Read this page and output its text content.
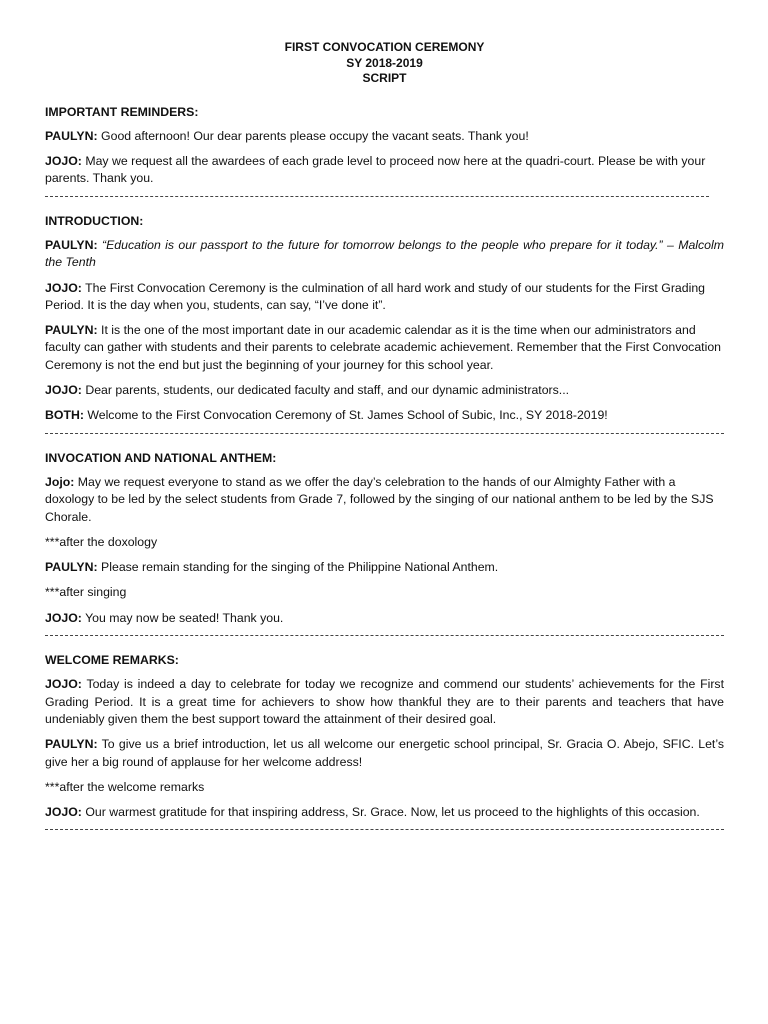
FIRST CONVOCATION CEREMONY
SY 2018-2019
SCRIPT
IMPORTANT REMINDERS:

PAULYN: Good afternoon! Our dear parents please occupy the vacant seats. Thank you!

JOJO: May we request all the awardees of each grade level to proceed now here at the quadri-court. Please be with your parents. Thank you.

INTRODUCTION:

PAULYN: “Education is our passport to the future for tomorrow belongs to the people who prepare for it today.” – Malcolm the Tenth

JOJO: The First Convocation Ceremony is the culmination of all hard work and study of our students for the First Grading Period. It is the day when you, students, can say, “I’ve done it”.

PAULYN: It is the one of the most important date in our academic calendar as it is the time when our administrators and faculty can gather with students and their parents to celebrate academic achievement. Remember that the First Convocation Ceremony is not the end but just the beginning of your journey for this school year.

JOJO: Dear parents, students, our dedicated faculty and staff, and our dynamic administrators...

BOTH: Welcome to the First Convocation Ceremony of St. James School of Subic, Inc., SY 2018-2019!

INVOCATION AND NATIONAL ANTHEM:

Jojo: May we request everyone to stand as we offer the day’s celebration to the hands of our Almighty Father with a doxology to be led by the select students from Grade 7, followed by the singing of our national anthem to be led by the SJS Chorale.

***after the doxology

PAULYN: Please remain standing for the singing of the Philippine National Anthem.

***after singing

JOJO: You may now be seated! Thank you.

WELCOME REMARKS:

JOJO: Today is indeed a day to celebrate for today we recognize and commend our students’ achievements for the First Grading Period. It is a great time for achievers to show how thankful they are to their parents and teachers that have undeniably given them the best support toward the attainment of their desired goal.

PAULYN: To give us a brief introduction, let us all welcome our energetic school principal, Sr. Gracia O. Abejo, SFIC. Let’s give her a big round of applause for her welcome address!

***after the welcome remarks

JOJO: Our warmest gratitude for that inspiring address, Sr. Grace. Now, let us proceed to the highlights of this occasion.
